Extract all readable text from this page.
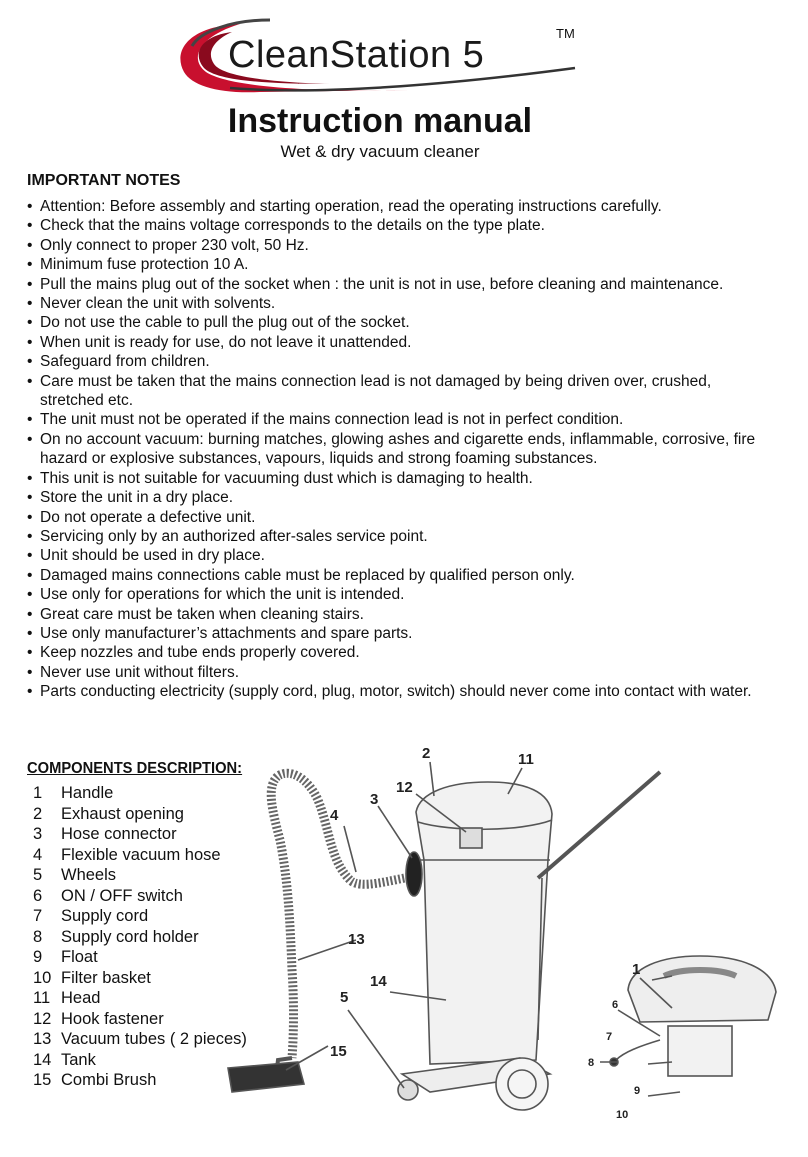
CleanStation 5
TM
Instruction manual
Wet & dry vacuum cleaner
IMPORTANT NOTES
• Attention: Before assembly and starting operation, read the operating instructions carefully.
• Check that the mains voltage corresponds to the details on the type plate.
• Only connect to proper 230 volt, 50 Hz.
• Minimum fuse protection 10 A.
• Pull the mains plug out of the socket when : the unit is not in use, before cleaning and maintenance.
• Never clean the unit with solvents.
• Do not use the cable to pull the plug out of the socket.
• When unit is ready for use, do not leave it unattended.
• Safeguard from children.
• Care must be taken that the mains connection lead is not damaged by being driven over, crushed, stretched etc.
• The unit must not be operated if the mains connection lead is not in perfect condition.
• On no account vacuum: burning matches, glowing ashes and cigarette ends, inflammable, corrosive, fire hazard or explosive substances, vapours, liquids and strong foaming substances.
• This unit is not suitable for vacuuming dust which is damaging to health.
• Store the unit in a dry place.
• Do not operate a defective unit.
• Servicing only by an authorized after-sales service point.
• Unit should be used in dry place.
• Damaged mains connections cable must be replaced by qualified person only.
• Use only for operations for which the unit is intended.
• Great care must be taken when cleaning stairs.
• Use only manufacturer’s attachments and spare parts.
• Keep nozzles and tube ends properly covered.
• Never use unit without filters.
• Parts conducting electricity (supply cord, plug, motor, switch) should never come into contact with water.
COMPONENTS DESCRIPTION:
1 Handle
2 Exhaust opening
3 Hose connector
4 Flexible vacuum hose
5 Wheels
6 ON / OFF switch
7 Supply cord
8 Supply cord holder
9 Float
10 Filter basket
11 Head
12 Hook fastener
13 Vacuum tubes ( 2 pieces)
14 Tank
15 Combi Brush
2	11
3
12
4
13
14
5
15
1
6
7
8
9
10
